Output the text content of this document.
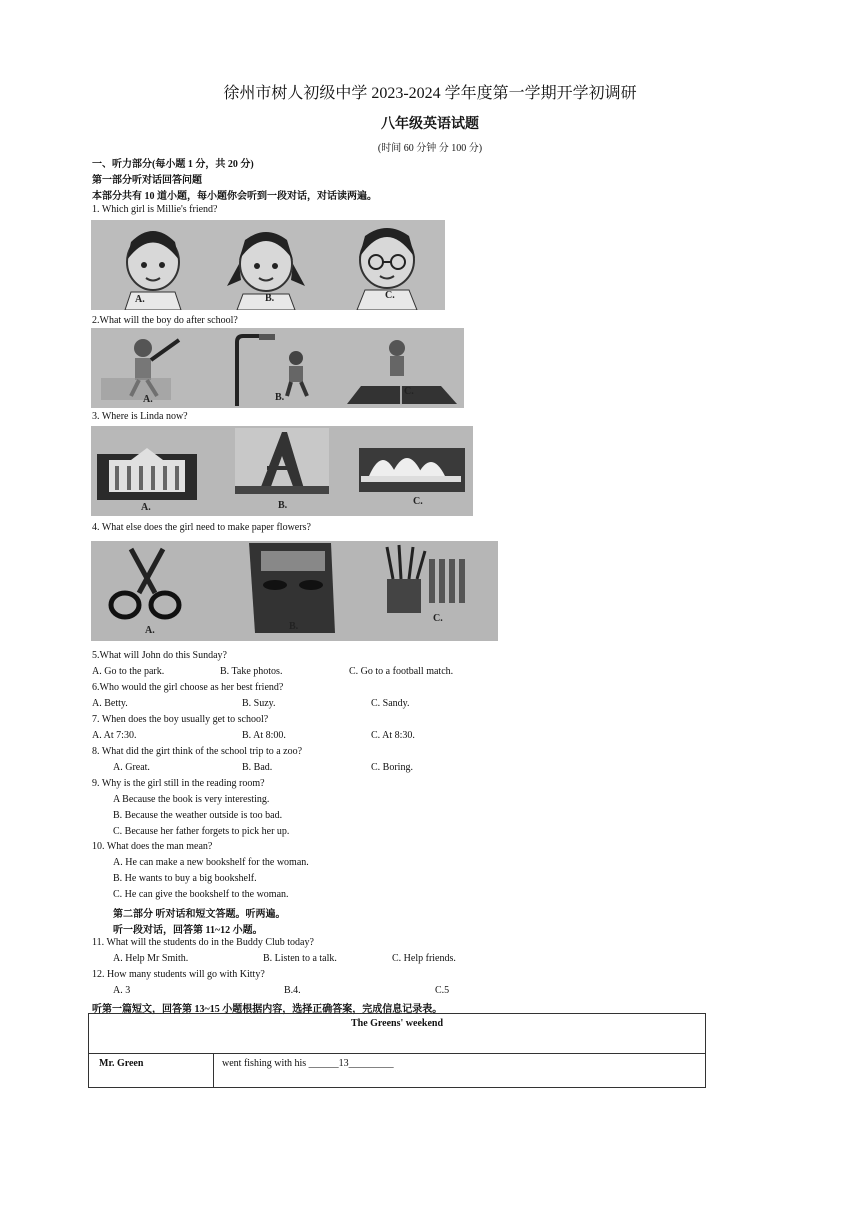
徐州市树人初级中学 2023-2024 学年度第一学期开学初调研
八年级英语试题
(时间 60 分钟 分 100 分)
一、听力部分(每小题 1 分，共 20 分)
第一部分听对话回答问题
本部分共有 10 道小题，每小题你会听到一段对话，对话读两遍。
1. Which girl is Millie's friend?
A.	B.	C.
2.What will the boy do after school?
A.	B.
C.
3. Where is Linda now?
A.	B.	C.
4. What else does the girl need to make paper flowers?
A.	B.
C.
5.What will John do this Sunday?
A. Go to the park.	B. Take photos.	C. Go to a football match.
6.Who would the girl choose as her best friend?
A. Betty.	B. Suzy.	C. Sandy.
7. When does the boy usually get to school?
A. At 7:30.	B. At 8:00.	C. At 8:30.
8. What did the girt think of the school trip to a zoo?
A. Great.	B. Bad.	C. Boring.
9. Why is the girl still in the reading room?
A Because the book is very interesting.
B. Because the weather outside is too bad.
C. Because her father forgets to pick her up.
10. What does the man mean?
A. He can make a new bookshelf for the woman.
B. He wants to buy a big bookshelf.
C. He can give the bookshelf to the woman.
第二部分 听对话和短文答题。听两遍。
听一段对话，回答第 11~12 小题。
11. What will the students do in the Buddy Club today?
A. Help Mr Smith.	B. Listen to a talk.	C. Help friends.
12. How many students will go with Kitty?
A. 3	B.4.	C.5
听第一篇短文，回答第 13~15 小题根据内容，选择正确答案，完成信息记录表。
The Greens' weekend
Mr. Green	went fishing with his ______13_________
